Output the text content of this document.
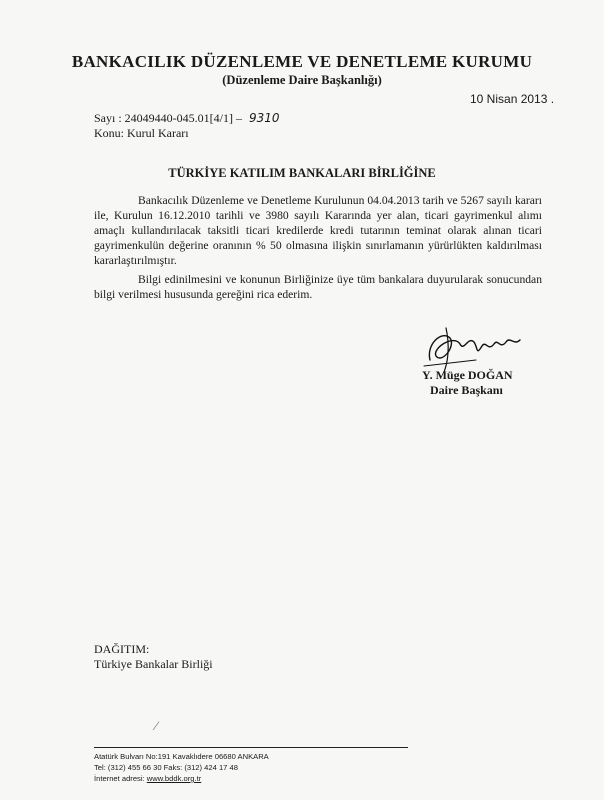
BANKACILIK DÜZENLEME VE DENETLEME KURUMU
(Düzenleme Daire Başkanlığı)
10 Nisan 2013 .
Sayı : 24049440-045.01[4/1] – 9310
Konu: Kurul Kararı
TÜRKİYE KATILIM BANKALARI BİRLİĞİNE
Bankacılık Düzenleme ve Denetleme Kurulunun 04.04.2013 tarih ve 5267 sayılı kararı ile, Kurulun 16.12.2010 tarihli ve 3980 sayılı Kararında yer alan, ticari gayrimenkul alımı amaçlı kullandırılacak taksitli ticari kredilerde kredi tutarının teminat olarak alınan ticari gayrimenkulün değerine oranının % 50 olmasına ilişkin sınırlamanın yürürlükten kaldırılması kararlaştırılmıştır.
Bilgi edinilmesini ve konunun Birliğinize üye tüm bankalara duyurularak sonucundan bilgi verilmesi hususunda gereğini rica ederim.
Y. Müge DOĞAN
Daire Başkanı
DAĞITIM:
Türkiye Bankalar Birliği
⁄
Atatürk Bulvarı No:191 Kavaklıdere 06680 ANKARA
Tel: (312) 455 66 30 Faks: (312) 424 17 48
İnternet adresi: www.bddk.org.tr
